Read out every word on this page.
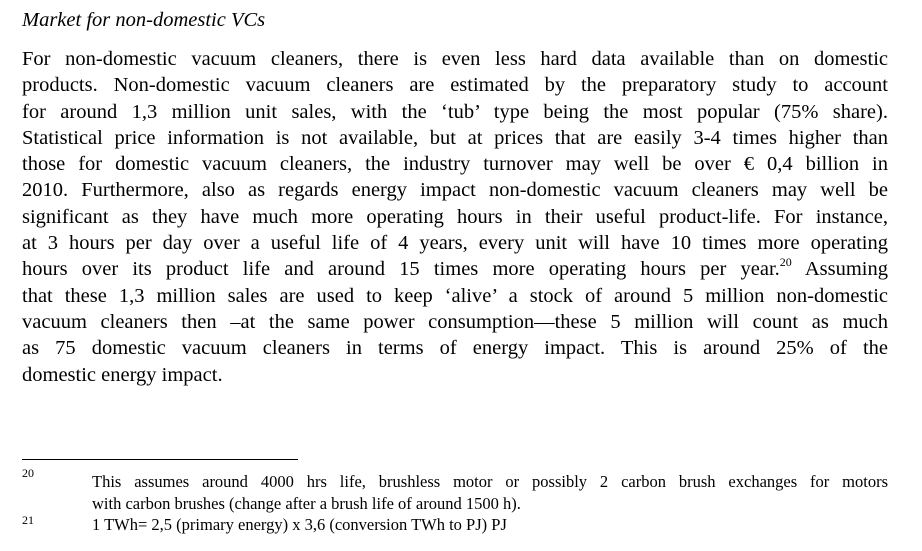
Market for non-domestic VCs
For non-domestic vacuum cleaners, there is even less hard data available than on domestic
products. Non-domestic vacuum cleaners are estimated by the preparatory study to account
for around 1,3 million unit sales, with the ‘tub’ type being the most popular (75% share).
Statistical price information is not available, but at prices that are easily 3-4 times higher than
those for domestic vacuum cleaners, the industry turnover may well be over € 0,4 billion in
2010. Furthermore, also as regards energy impact non-domestic vacuum cleaners may well be
significant as they have much more operating hours in their useful product-life. For instance,
at 3 hours per day over a useful life of 4 years, every unit will have 10 times more operating
hours over its product life and around 15 times more operating hours per year.$^{20}$ Assuming
that these 1,3 million sales are used to keep ‘alive’ a stock of around 5 million non-domestic
vacuum cleaners then –at the same power consumption—these 5 million will count as much
as 75 domestic vacuum cleaners in terms of energy impact. This is around 25% of the
domestic energy impact.
20	This assumes around 4000 hrs life, brushless motor or possibly 2 carbon brush exchanges for motors
with carbon brushes (change after a brush life of around 1500 h).
21	1 TWh= 2,5 (primary energy) x 3,6 (conversion TWh to PJ) PJ
